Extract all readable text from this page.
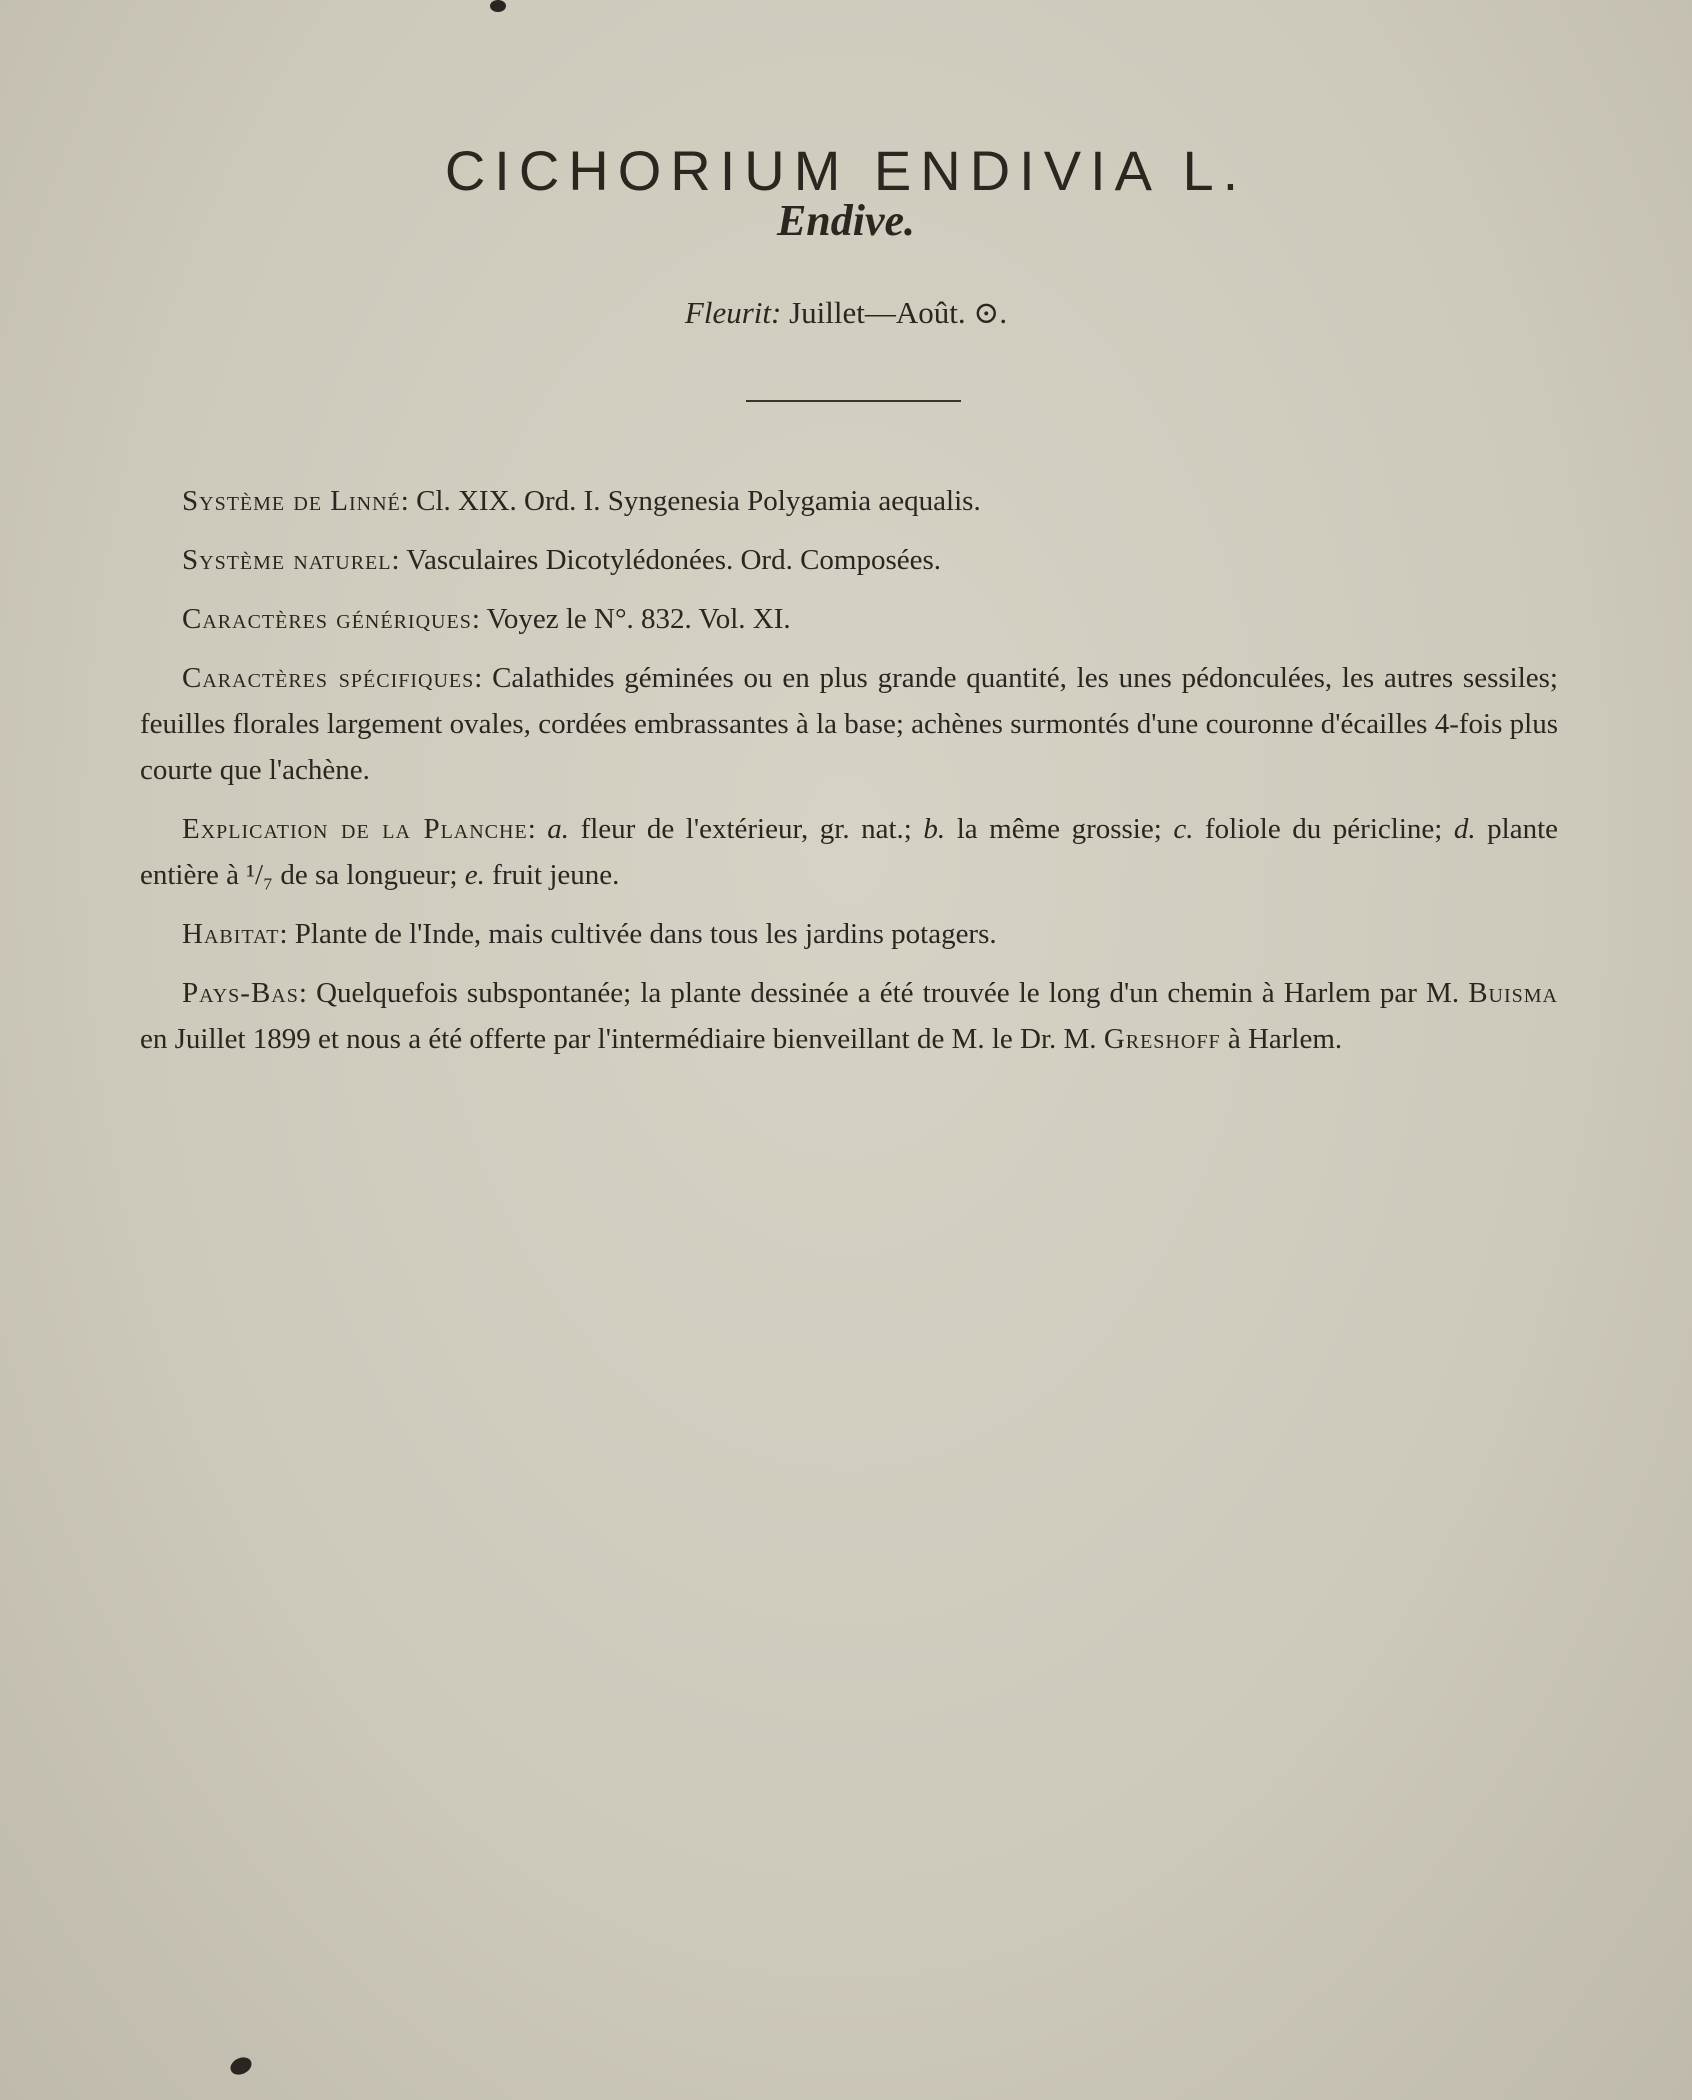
CICHORIUM ENDIVIA L.
Endive.
Fleurit: Juillet—Août. ⊙.

Système de Linné: Cl. XIX. Ord. I. Syngenesia Polygamia aequalis.

Système naturel: Vasculaires Dicotylédonées. Ord. Composées.

Caractères génériques: Voyez le N°. 832. Vol. XI.

Caractères spécifiques: Calathides géminées ou en plus grande quantité, les unes pédonculées, les autres sessiles; feuilles florales largement ovales, cordées embrassantes à la base; achènes surmontés d'une couronne d'écailles 4-fois plus courte que l'achène.

Explication de la Planche: a. fleur de l'extérieur, gr. nat.; b. la même grossie; c. foliole du péricline; d. plante entière à ¹/₇ de sa longueur; e. fruit jeune.

Habitat: Plante de l'Inde, mais cultivée dans tous les jardins potagers.

Pays-Bas: Quelquefois subspontanée; la plante dessinée a été trouvée le long d'un chemin à Harlem par M. Buisma en Juillet 1899 et nous a été offerte par l'intermédiaire bienveillant de M. le Dr. M. Greshoff à Harlem.
